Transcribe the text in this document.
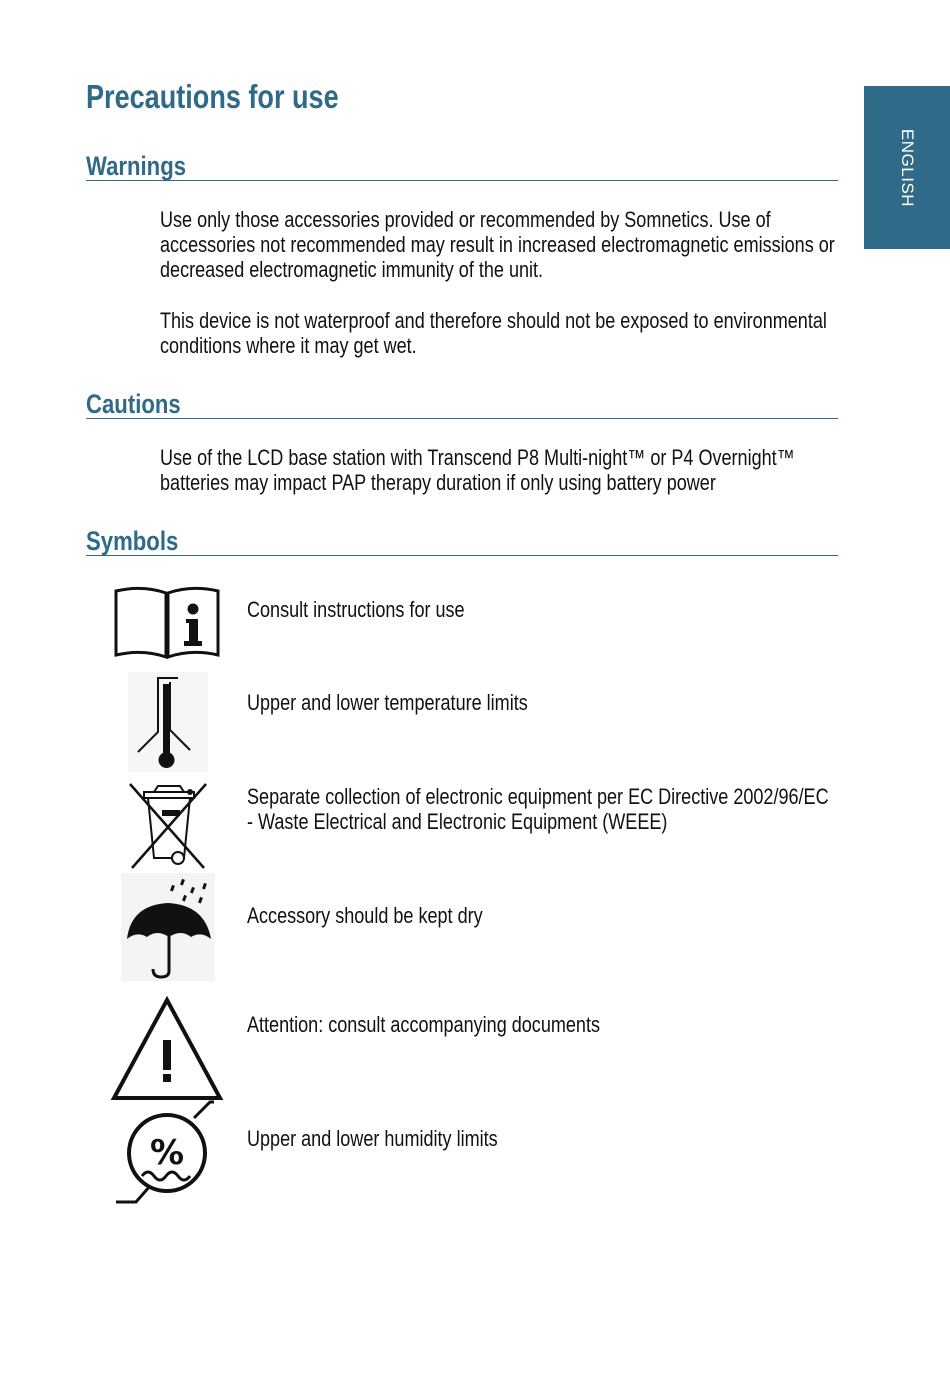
ENGLISH
Precautions for use
Warnings

Use only those accessories provided or recommended by Somnetics. Use of accessories not recommended may result in increased electromagnetic emissions or decreased electromagnetic immunity of the unit.

This device is not waterproof and therefore should not be exposed to environmental conditions where it may get wet.

Cautions

Use of the LCD base station with Transcend P8 Multi-night™ or P4 Overnight™ batteries may impact PAP therapy duration if only using battery power

Symbols

Consult instructions for use

Upper and lower temperature limits

Separate collection of electronic equipment per EC Directive 2002/96/EC - Waste Electrical and Electronic Equipment (WEEE)

Accessory should be kept dry

Attention: consult accompanying documents

%	Upper and lower humidity limits
